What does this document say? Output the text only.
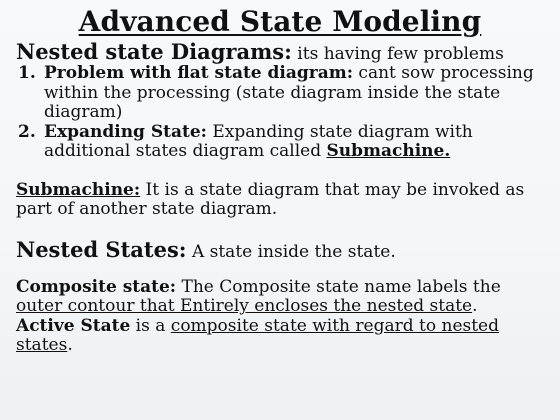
Advanced State Modeling
Nested state Diagrams: its having few problems
1. Problem with flat state diagram: cant sow processing within the processing (state diagram inside the state diagram)
2. Expanding State: Expanding state diagram with additional states diagram called Submachine.
Submachine: It is a state diagram that may be invoked as part of another state diagram.
Nested States: A state inside the state.
Composite state: The Composite state name labels the outer contour that Entirely encloses the nested state.
Active State is a composite state with regard to nested states.
